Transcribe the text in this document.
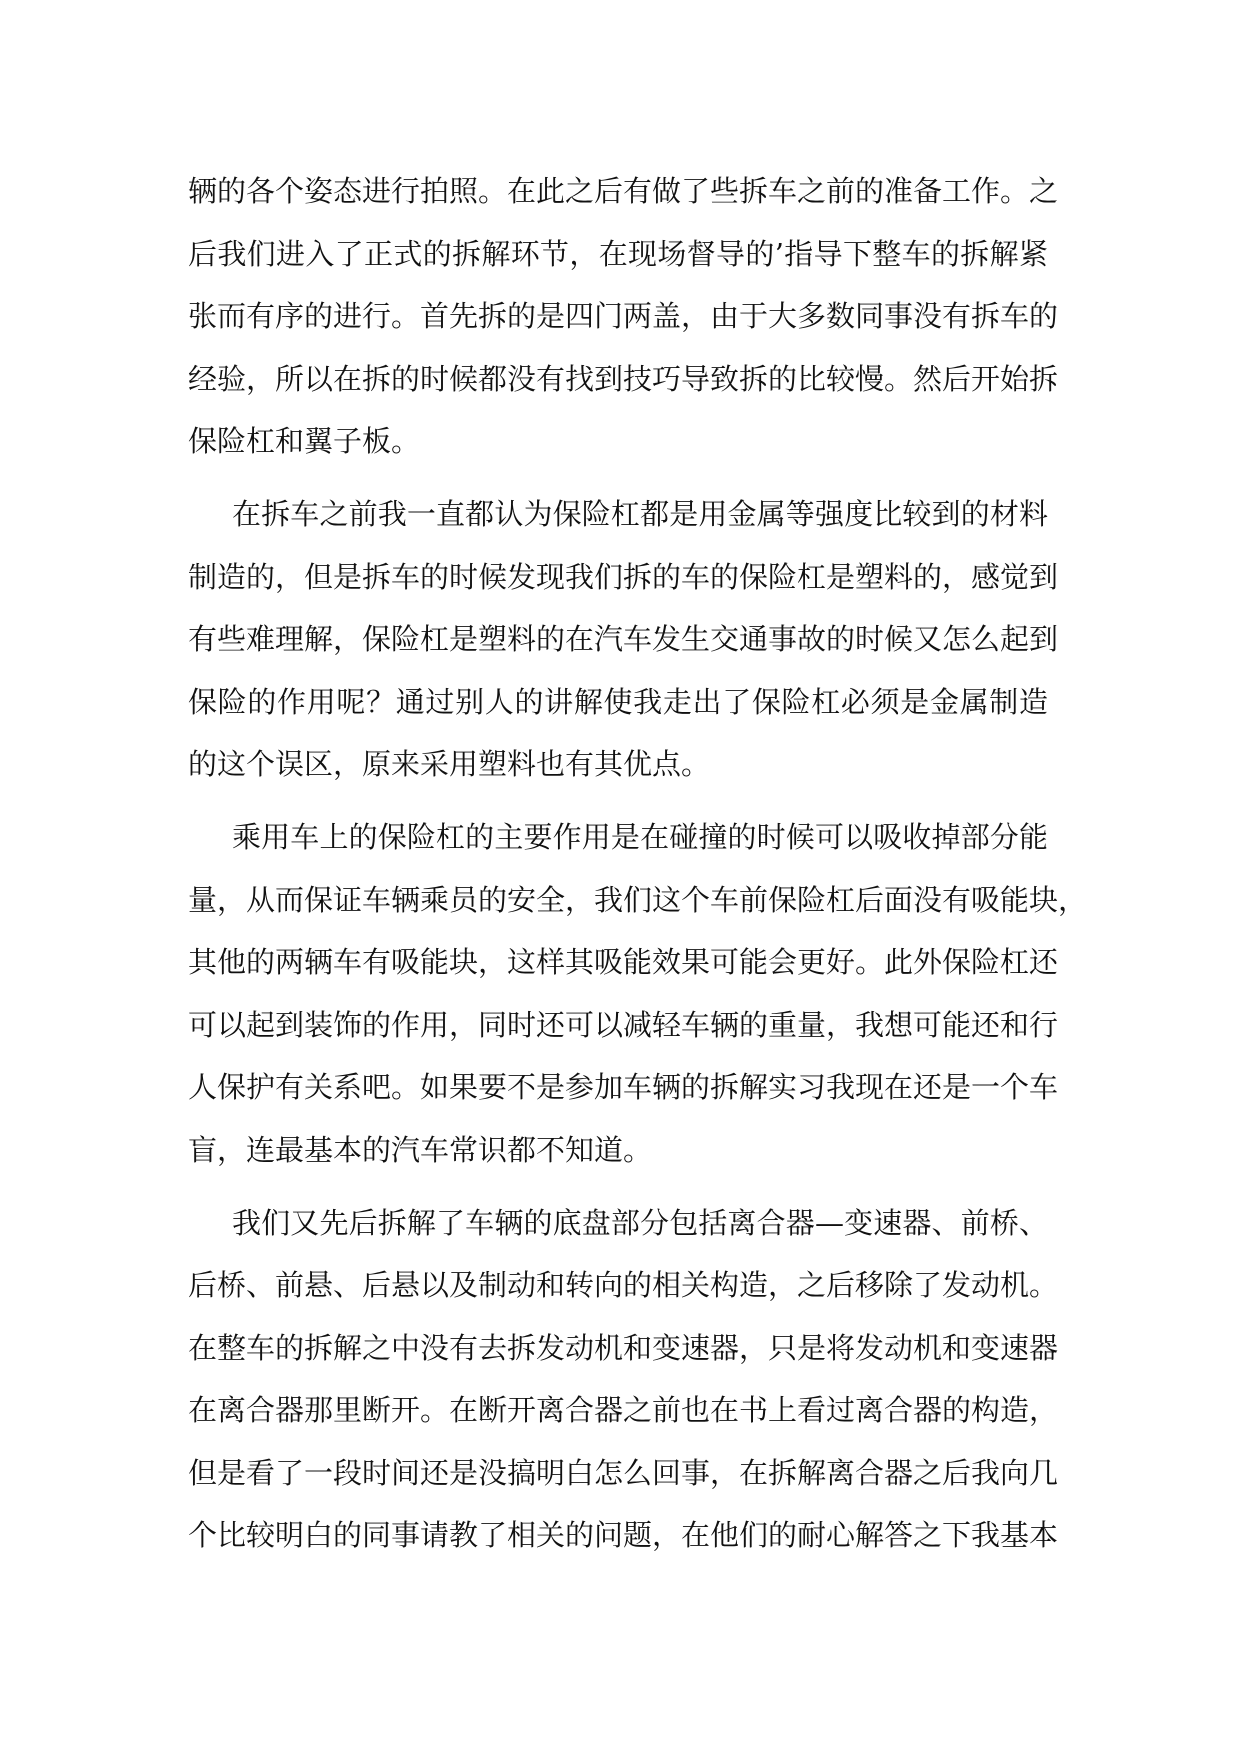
辆的各个姿态进行拍照。在此之后有做了些拆车之前的准备工作。之
后我们进入了正式的拆解环节，在现场督导的’指导下整车的拆解紧
张而有序的进行。首先拆的是四门两盖，由于大多数同事没有拆车的
经验，所以在拆的时候都没有找到技巧导致拆的比较慢。然后开始拆
保险杠和翼子板。
在拆车之前我一直都认为保险杠都是用金属等强度比较到的材料
制造的，但是拆车的时候发现我们拆的车的保险杠是塑料的，感觉到
有些难理解，保险杠是塑料的在汽车发生交通事故的时候又怎么起到
保险的作用呢？通过别人的讲解使我走出了保险杠必须是金属制造
的这个误区，原来采用塑料也有其优点。
乘用车上的保险杠的主要作用是在碰撞的时候可以吸收掉部分能
量，从而保证车辆乘员的安全，我们这个车前保险杠后面没有吸能块，
其他的两辆车有吸能块，这样其吸能效果可能会更好。此外保险杠还
可以起到装饰的作用，同时还可以减轻车辆的重量，我想可能还和行
人保护有关系吧。如果要不是参加车辆的拆解实习我现在还是一个车
盲，连最基本的汽车常识都不知道。
我们又先后拆解了车辆的底盘部分包括离合器—变速器、前桥、
后桥、前悬、后悬以及制动和转向的相关构造，之后移除了发动机。
在整车的拆解之中没有去拆发动机和变速器，只是将发动机和变速器
在离合器那里断开。在断开离合器之前也在书上看过离合器的构造，
但是看了一段时间还是没搞明白怎么回事，在拆解离合器之后我向几
个比较明白的同事请教了相关的问题，在他们的耐心解答之下我基本
